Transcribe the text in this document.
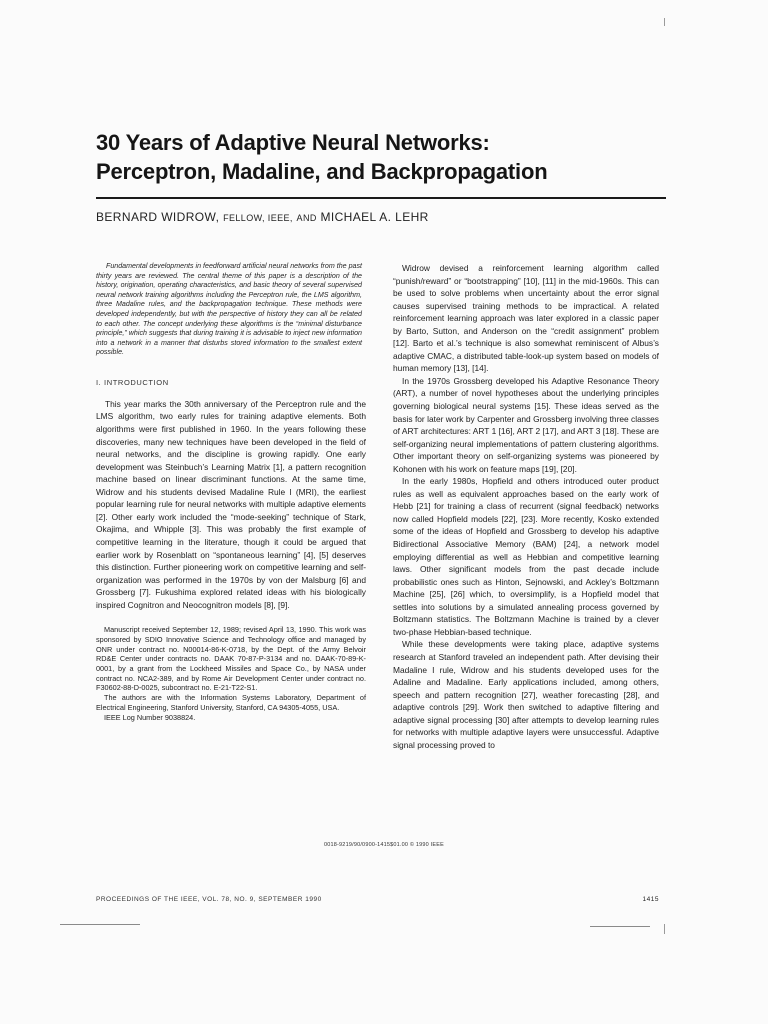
30 Years of Adaptive Neural Networks:
Perceptron, Madaline, and Backpropagation
BERNARD WIDROW, FELLOW, IEEE, AND MICHAEL A. LEHR

Fundamental developments in feedforward artificial neural networks from the past thirty years are reviewed. The central theme of this paper is a description of the history, origination, operating characteristics, and basic theory of several supervised neural network training algorithms including the Perceptron rule, the LMS algorithm, three Madaline rules, and the backpropagation technique. These methods were developed independently, but with the perspective of history they can all be related to each other. The concept underlying these algorithms is the “minimal disturbance principle,” which suggests that during training it is advisable to inject new information into a network in a manner that disturbs stored information to the smallest extent possible.

I. INTRODUCTION

This year marks the 30th anniversary of the Perceptron rule and the LMS algorithm, two early rules for training adaptive elements. Both algorithms were first published in 1960. In the years following these discoveries, many new techniques have been developed in the field of neural networks, and the discipline is growing rapidly. One early development was Steinbuch’s Learning Matrix [1], a pattern recognition machine based on linear discriminant functions. At the same time, Widrow and his students devised Madaline Rule I (MRI), the earliest popular learning rule for neural networks with multiple adaptive elements [2]. Other early work included the “mode-seeking” technique of Stark, Okajima, and Whipple [3]. This was probably the first example of competitive learning in the literature, though it could be argued that earlier work by Rosenblatt on “spontaneous learning” [4], [5] deserves this distinction. Further pioneering work on competitive learning and self-organization was performed in the 1970s by von der Malsburg [6] and Grossberg [7]. Fukushima explored related ideas with his biologically inspired Cognitron and Neocognitron models [8], [9].

Manuscript received September 12, 1989; revised April 13, 1990. This work was sponsored by SDIO Innovative Science and Technology office and managed by ONR under contract no. N00014-86-K-0718, by the Dept. of the Army Belvoir RD&E Center under contracts no. DAAK 70-87-P-3134 and no. DAAK-70-89-K-0001, by a grant from the Lockheed Missiles and Space Co., by NASA under contract no. NCA2-389, and by Rome Air Development Center under contract no. F30602-88-D-0025, subcontract no. E-21-T22-S1.

The authors are with the Information Systems Laboratory, Department of Electrical Engineering, Stanford University, Stanford, CA 94305-4055, USA.

IEEE Log Number 9038824.

Widrow devised a reinforcement learning algorithm called “punish/reward” or “bootstrapping” [10], [11] in the mid-1960s. This can be used to solve problems when uncertainty about the error signal causes supervised training methods to be impractical. A related reinforcement learning approach was later explored in a classic paper by Barto, Sutton, and Anderson on the “credit assignment” problem [12]. Barto et al.’s technique is also somewhat reminiscent of Albus’s adaptive CMAC, a distributed table-look-up system based on models of human memory [13], [14].

In the 1970s Grossberg developed his Adaptive Resonance Theory (ART), a number of novel hypotheses about the underlying principles governing biological neural systems [15]. These ideas served as the basis for later work by Carpenter and Grossberg involving three classes of ART architectures: ART 1 [16], ART 2 [17], and ART 3 [18]. These are self-organizing neural implementations of pattern clustering algorithms. Other important theory on self-organizing systems was pioneered by Kohonen with his work on feature maps [19], [20].

In the early 1980s, Hopfield and others introduced outer product rules as well as equivalent approaches based on the early work of Hebb [21] for training a class of recurrent (signal feedback) networks now called Hopfield models [22], [23]. More recently, Kosko extended some of the ideas of Hopfield and Grossberg to develop his adaptive Bidirectional Associative Memory (BAM) [24], a network model employing differential as well as Hebbian and competitive learning laws. Other significant models from the past decade include probabilistic ones such as Hinton, Sejnowski, and Ackley’s Boltzmann Machine [25], [26] which, to oversimplify, is a Hopfield model that settles into solutions by a simulated annealing process governed by Boltzmann statistics. The Boltzmann Machine is trained by a clever two-phase Hebbian-based technique.

While these developments were taking place, adaptive systems research at Stanford traveled an independent path. After devising their Madaline I rule, Widrow and his students developed uses for the Adaline and Madaline. Early applications included, among others, speech and pattern recognition [27], weather forecasting [28], and adaptive controls [29]. Work then switched to adaptive filtering and adaptive signal processing [30] after attempts to develop learning rules for networks with multiple adaptive layers were unsuccessful. Adaptive signal processing proved to

0018-9219/90/0900-1415$01.00 © 1990 IEEE
PROCEEDINGS OF THE IEEE, VOL. 78, NO. 9, SEPTEMBER 1990	1415
